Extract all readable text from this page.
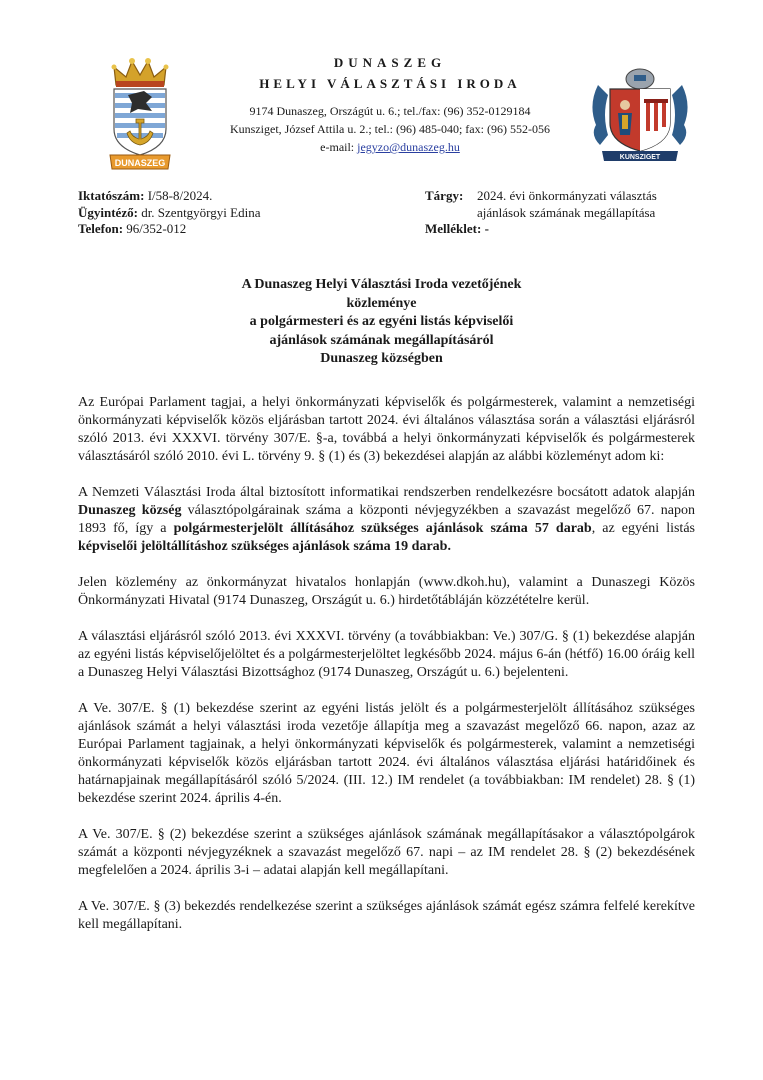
DUNASZEG
KUNSZIGET
DUNASZEG
HELYI VÁLASZTÁSI IRODA
9174 Dunaszeg, Országút u. 6.; tel./fax: (96) 352-0129184
Kunsziget, József Attila u. 2.; tel.: (96) 485-040; fax: (96) 552-056
e-mail: jegyzo@dunaszeg.hu
Iktatószám: I/58-8/2024.
Ügyintéző: dr. Szentgyörgyi Edina
Telefon: 96/352-012
Tárgy:	2024. évi önkormányzati választás
ajánlások számának megállapítása
Melléklet: -
A Dunaszeg Helyi Választási Iroda vezetőjének
közleménye
a polgármesteri és az egyéni listás képviselői
ajánlások számának megállapításáról
Dunaszeg községben

Az Európai Parlament tagjai, a helyi önkormányzati képviselők és polgármesterek, valamint a nemzetiségi önkormányzati képviselők közös eljárásban tartott 2024. évi általános választása során a választási eljárásról szóló 2013. évi XXXVI. törvény 307/E. §-a, továbbá a helyi önkormányzati képviselők és polgármesterek választásáról szóló 2010. évi L. törvény 9. § (1) és (3) bekezdései alapján az alábbi közleményt adom ki:

A Nemzeti Választási Iroda által biztosított informatikai rendszerben rendelkezésre bocsátott adatok alapján Dunaszeg község választópolgárainak száma a központi névjegyzékben a szavazást megelőző 67. napon 1893 fő, így a polgármesterjelölt állításához szükséges ajánlások száma 57 darab, az egyéni listás képviselői jelöltállításhoz szükséges ajánlások száma 19 darab.

Jelen közlemény az önkormányzat hivatalos honlapján (www.dkoh.hu), valamint a Dunaszegi Közös Önkormányzati Hivatal (9174 Dunaszeg, Országút u. 6.) hirdetőtábláján közzétételre kerül.

A választási eljárásról szóló 2013. évi XXXVI. törvény (a továbbiakban: Ve.) 307/G. § (1) bekezdése alapján az egyéni listás képviselőjelöltet és a polgármesterjelöltet legkésőbb 2024. május 6-án (hétfő) 16.00 óráig kell a Dunaszeg Helyi Választási Bizottsághoz (9174 Dunaszeg, Országút u. 6.) bejelenteni.

A Ve. 307/E. § (1) bekezdése szerint az egyéni listás jelölt és a polgármesterjelölt állításához szükséges ajánlások számát a helyi választási iroda vezetője állapítja meg a szavazást megelőző 66. napon, azaz az Európai Parlament tagjainak, a helyi önkormányzati képviselők és polgármesterek, valamint a nemzetiségi önkormányzati képviselők közös eljárásban tartott 2024. évi általános választása eljárási határidőinek és határnapjainak megállapításáról szóló 5/2024. (III. 12.) IM rendelet (a továbbiakban: IM rendelet) 28. § (1) bekezdése szerint 2024. április 4-én.

A Ve. 307/E. § (2) bekezdése szerint a szükséges ajánlások számának megállapításakor a választópolgárok számát a központi névjegyzéknek a szavazást megelőző 67. napi – az IM rendelet 28. § (2) bekezdésének megfelelően a 2024. április 3-i – adatai alapján kell megállapítani.

A Ve. 307/E. § (3) bekezdés rendelkezése szerint a szükséges ajánlások számát egész számra felfelé kerekítve kell megállapítani.
